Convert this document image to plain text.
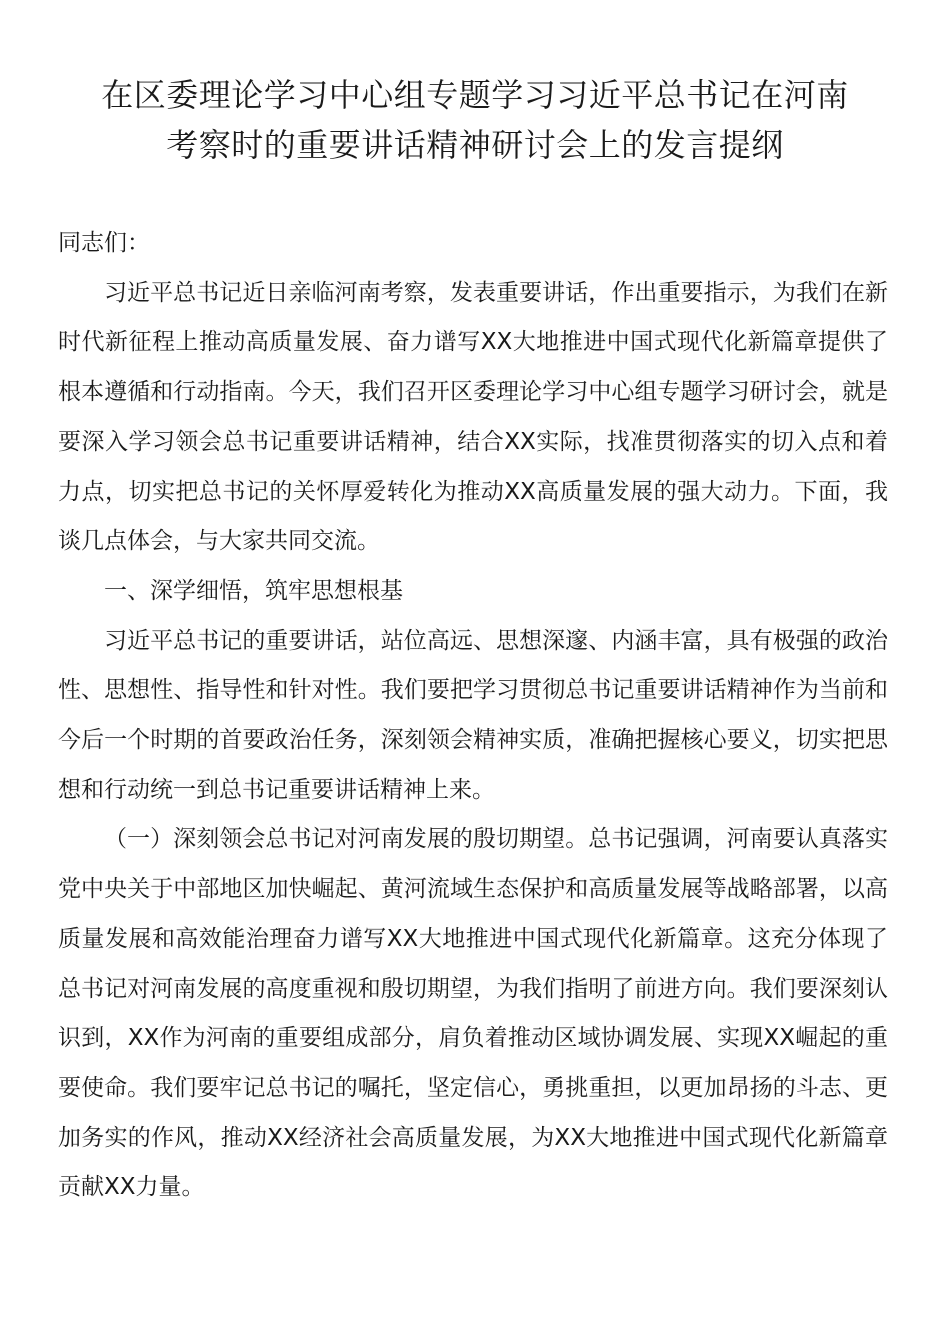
在区委理论学习中心组专题学习习近平总书记在河南
考察时的重要讲话精神研讨会上的发言提纲

同志们：

习近平总书记近日亲临河南考察，发表重要讲话，作出重要指示，为我们在新时代新征程上推动高质量发展、奋力谱写XX大地推进中国式现代化新篇章提供了根本遵循和行动指南。今天，我们召开区委理论学习中心组专题学习研讨会，就是要深入学习领会总书记重要讲话精神，结合XX实际，找准贯彻落实的切入点和着力点，切实把总书记的关怀厚爱转化为推动XX高质量发展的强大动力。下面，我谈几点体会，与大家共同交流。

一、深学细悟，筑牢思想根基

习近平总书记的重要讲话，站位高远、思想深邃、内涵丰富，具有极强的政治性、思想性、指导性和针对性。我们要把学习贯彻总书记重要讲话精神作为当前和今后一个时期的首要政治任务，深刻领会精神实质，准确把握核心要义，切实把思想和行动统一到总书记重要讲话精神上来。

（一）深刻领会总书记对河南发展的殷切期望。总书记强调，河南要认真落实党中央关于中部地区加快崛起、黄河流域生态保护和高质量发展等战略部署，以高质量发展和高效能治理奋力谱写XX大地推进中国式现代化新篇章。这充分体现了总书记对河南发展的高度重视和殷切期望，为我们指明了前进方向。我们要深刻认识到，XX作为河南的重要组成部分，肩负着推动区域协调发展、实现XX崛起的重要使命。我们要牢记总书记的嘱托，坚定信心，勇挑重担，以更加昂扬的斗志、更加务实的作风，推动XX经济社会高质量发展，为XX大地推进中国式现代化新篇章贡献XX力量。
